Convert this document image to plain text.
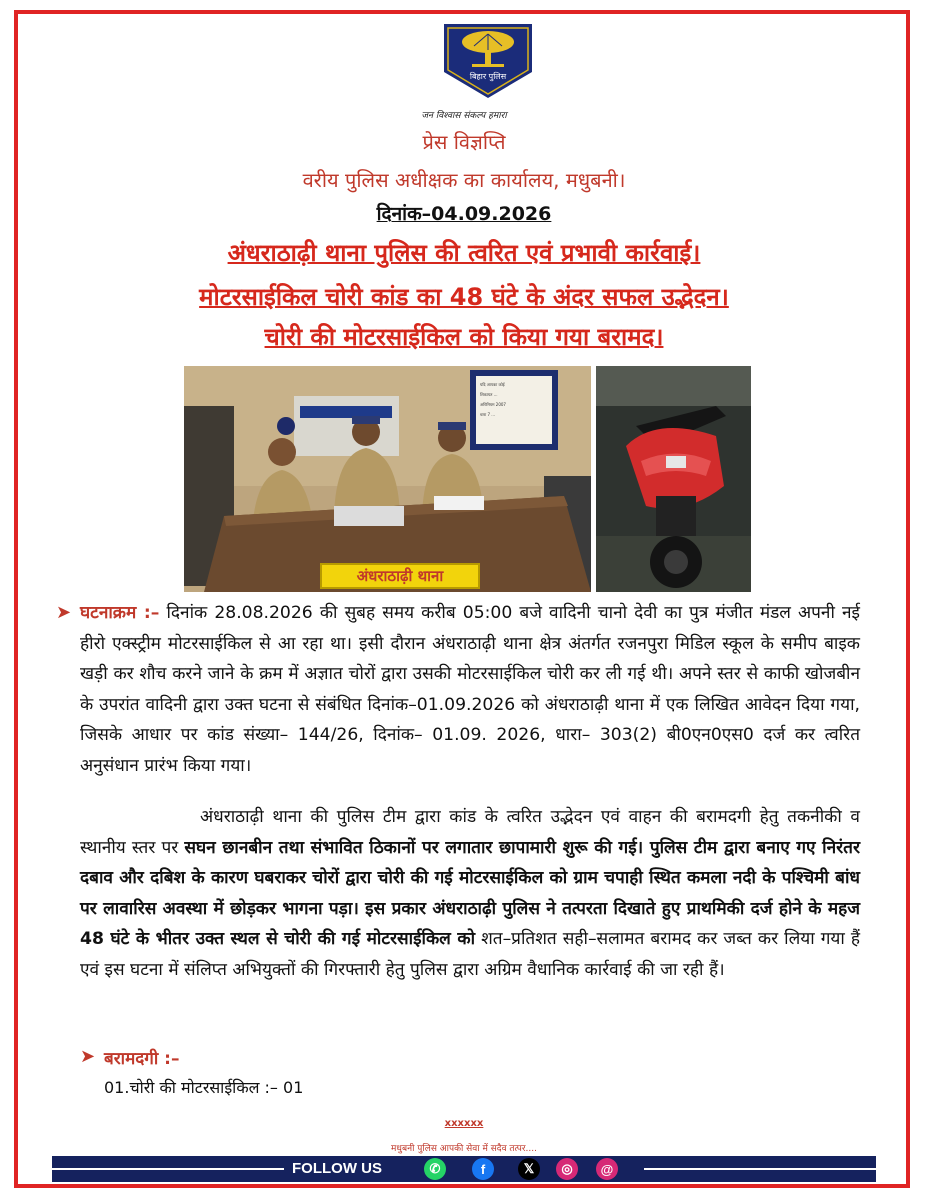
बिहार पुलिस
जन विश्वास संकल्प हमारा
प्रेस विज्ञप्ति
वरीय पुलिस अधीक्षक का कार्यालय, मधुबनी।
दिनांक–04.09.2026
अंधराठाढ़ी थाना पुलिस की त्वरित एवं प्रभावी कार्रवाई।
मोटरसाईकिल चोरी कांड का 48 घंटे के अंदर सफल उद्भेदन।
चोरी की मोटरसाईकिल को किया गया बरामद।
यदि आपका कोई
शिकायत ...
अधिनियम 2007
धारा 7 ...
अंधराठाढ़ी थाना
➤ घटनाक्रम :– दिनांक 28.08.2026 की सुबह समय करीब 05:00 बजे वादिनी चानो देवी का पुत्र मंजीत मंडल अपनी नई हीरो एक्स्ट्रीम मोटरसाईकिल से आ रहा था। इसी दौरान अंधराठाढ़ी थाना क्षेत्र अंतर्गत रजनपुरा मिडिल स्कूल के समीप बाइक खड़ी कर शौच करने जाने के क्रम में अज्ञात चोरों द्वारा उसकी मोटरसाईकिल चोरी कर ली गई थी। अपने स्तर से काफी खोजबीन के उपरांत वादिनी द्वारा उक्त घटना से संबंधित दिनांक–01.09.2026 को अंधराठाढ़ी थाना में एक लिखित आवेदन दिया गया, जिसके आधार पर कांड संख्या– 144/26, दिनांक– 01.09. 2026, धारा– 303(2) बी0एन0एस0 दर्ज कर त्वरित अनुसंधान प्रारंभ किया गया।
अंधराठाढ़ी थाना की पुलिस टीम द्वारा कांड के त्वरित उद्भेदन एवं वाहन की बरामदगी हेतु तकनीकी व स्थानीय स्तर पर सघन छानबीन तथा संभावित ठिकानों पर लगातार छापामारी शुरू की गई। पुलिस टीम द्वारा बनाए गए निरंतर दबाव और दबिश के कारण घबराकर चोरों द्वारा चोरी की गई मोटरसाईकिल को ग्राम चपाही स्थित कमला नदी के पश्चिमी बांध पर लावारिस अवस्था में छोड़कर भागना पड़ा। इस प्रकार अंधराठाढ़ी पुलिस ने तत्परता दिखाते हुए प्राथमिकी दर्ज होने के महज 48 घंटे के भीतर उक्त स्थल से चोरी की गई मोटरसाईकिल को शत–प्रतिशत सही–सलामत बरामद कर जब्त कर लिया गया हैं एवं इस घटना में संलिप्त अभियुक्तों की गिरफ्तारी हेतु पुलिस द्वारा अग्रिम वैधानिक कार्रवाई की जा रही हैं।
➤ बरामदगी :–
01.चोरी की मोटरसाईकिल :– 01
xxxxxx
मधुबनी पुलिस आपकी सेवा में सदैव तत्पर....
FOLLOW US	✆	f	𝕏	◎	@
